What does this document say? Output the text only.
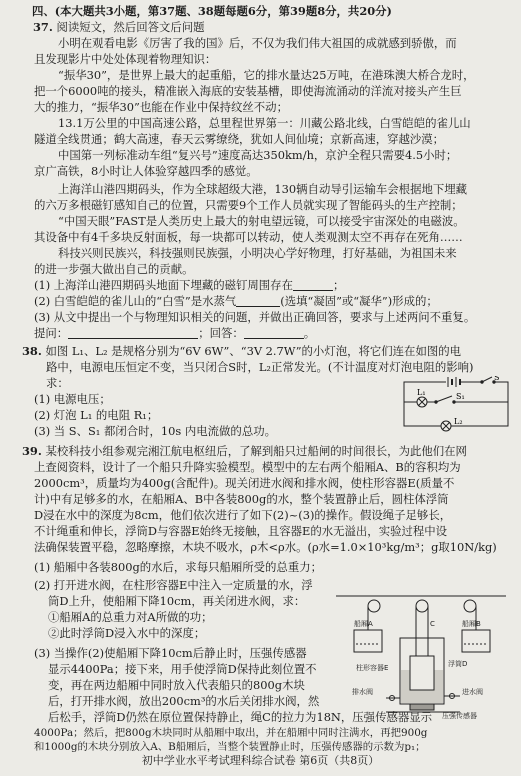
四、(本大题共3小题，第37题、38题每题6分，第39题8分，共20分)
37. 阅读短文，然后回答文后问题
小明在观看电影《厉害了我的国》后，不仅为我们伟大祖国的成就感到骄傲，而
且发现影片中处处体现着物理知识：
“振华30”，是世界上最大的起重船，它的排水量达25万吨，在港珠澳大桥合龙时，
把一个6000吨的接头，精准嵌入海底的安装基槽，即使海流涌动的洋流对接头产生巨
大的推力，“振华30”也能在作业中保持纹丝不动；
13.1万公里的中国高速公路，总里程世界第一：川藏公路北线，白雪皑皑的雀儿山
隧道全线贯通；鹤大高速，春天云雾缭绕，犹如人间仙境；京新高速，穿越沙漠；
中国第一列标准动车组“复兴号”速度高达350km/h，京沪全程只需要4.5小时；
京广高铁，8小时让人体验穿越四季的感觉。
上海洋山港四期码头，作为全球超级大港，130辆自动导引运输车会根据地下埋藏
的六万多根磁钉感知自己的位置，只需要9个工作人员就实现了智能码头的生产控制；
“中国天眼”FAST是人类历史上最大的射电望远镜，可以接受宇宙深处的电磁波。
其设备中有4千多块反射面板，每一块都可以转动，使人类观测太空不再存在死角……
科技兴则民族兴，科技强则民族强，小明决心学好物理，打好基础，为祖国未来
的进一步强大做出自己的贡献。
(1) 上海洋山港四期码头地面下埋藏的磁钉周围存在	；
(2) 白雪皑皑的雀儿山的“白雪”是水蒸气	(选填“凝固”或“凝华”)形成的；
(3) 从文中提出一个与物理知识相关的问题，并做出正确回答，要求与上述两问不重复。
提问：	；回答：	。
38. 如图 L₁、L₂ 是规格分别为“6V 6W”、“3V 2.7W”的小灯泡，将它们连在如图的电
路中，电源电压恒定不变，当只闭合S时，L₂正常发光。(不计温度对灯泡电阻的影响)
求：
(1) 电源电压；
(2) 灯泡 L₁ 的电阻 R₁；
(3) 当 S、S₁ 都闭合时，10s 内电流做的总功。
L₁	S₁
S
L₂
39. 某校科技小组参观完湘江航电枢纽后，了解到船只过船闸的时间很长，为此他们在网
上查阅资料，设计了一个船只升降实验模型。模型中的左右两个船厢A、B的容积均为
2000cm³，质量均为400g(含配件)。现关闭进水阀和排水阀，使柱形容器E(质量不
计)中有足够多的水，在船厢A、B中各装800g的水，整个装置静止后，圆柱体浮筒
D浸在水中的深度为8cm，他们依次进行了如下(2)~(3)的操作。假设绳子足够长，
不计绳重和伸长，浮筒D与容器E始终无接触，且容器E的水无溢出，实验过程中设
法确保装置平稳，忽略摩擦，木块不吸水，ρ木<ρ水。(ρ水=1.0×10³kg/m³；g取10N/kg)
(1) 船厢中各装800g的水后，求每只船厢所受的总重力；
(2) 打开进水阀，在柱形容器E中注入一定质量的水，浮
筒D上升，使船厢下降10cm，再关闭进水阀，求：
①船厢A的总重力对A所做的功；
②此时浮筒D浸入水中的深度；
(3) 当操作(2)使船厢下降10cm后静止时，压强传感器
显示4400Pa；接下来，用手使浮筒D保持此刻位置不
变，再在两边船厢中同时放入代表船只的800g木块
后，打开排水阀，放出200cm³的水后关闭排水阀，然
后松手，浮筒D仍然在原位置保持静止，绳C的拉力为18N，压强传感器显示
4000Pa；然后，把800g木块同时从船厢中取出，并在船厢中同时注满水，再把900g
和1000g的木块分别放入A、B船厢后，当整个装置静止时，压强传感器的示数为p₁；
船厢A	船厢B
C
浮筒D
柱形容器E
进水阀
排水阀
压强传感器
初中学业水平考试理科综合试卷 第6页（共8页）
